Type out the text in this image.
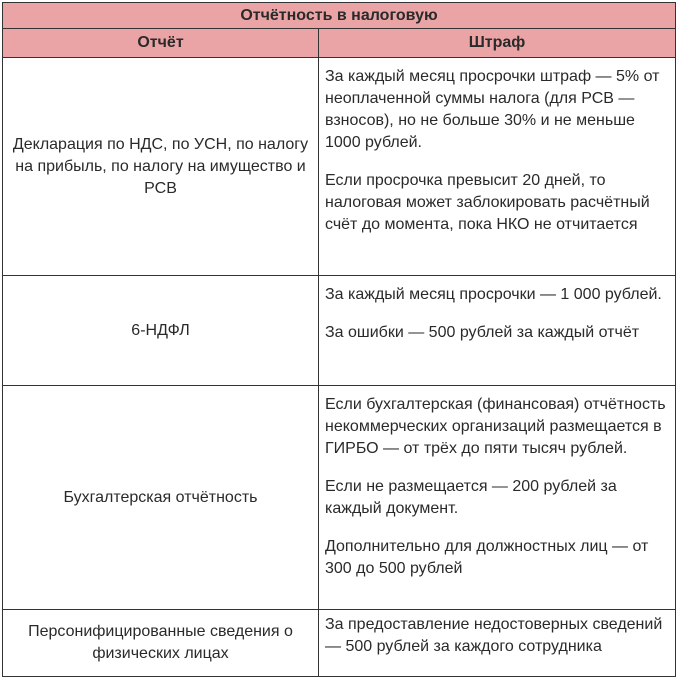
Отчётность в налоговую
Отчёт	Штраф
Декларация по НДС, по УСН, по налогу на прибыль, по налогу на имущество и РСВ

За каждый месяц просрочки штраф — 5% от неоплаченной суммы налога (для РСВ — взносов), но не больше 30% и не меньше 1000 рублей.

Если просрочка превысит 20 дней, то налоговая может заблокировать расчётный счёт до момента, пока НКО не отчитается

6-НДФЛ

За каждый месяц просрочки — 1 000 рублей.

За ошибки — 500 рублей за каждый отчёт

Бухгалтерская отчётность

Если бухгалтерская (финансовая) отчётность некоммерческих организаций размещается в ГИРБО — от трёх до пяти тысяч рублей.

Если не размещается — 200 рублей за каждый документ.

Дополнительно для должностных лиц — от 300 до 500 рублей

Персонифицированные сведения о физических лицах

За предоставление недостоверных сведений — 500 рублей за каждого сотрудника
